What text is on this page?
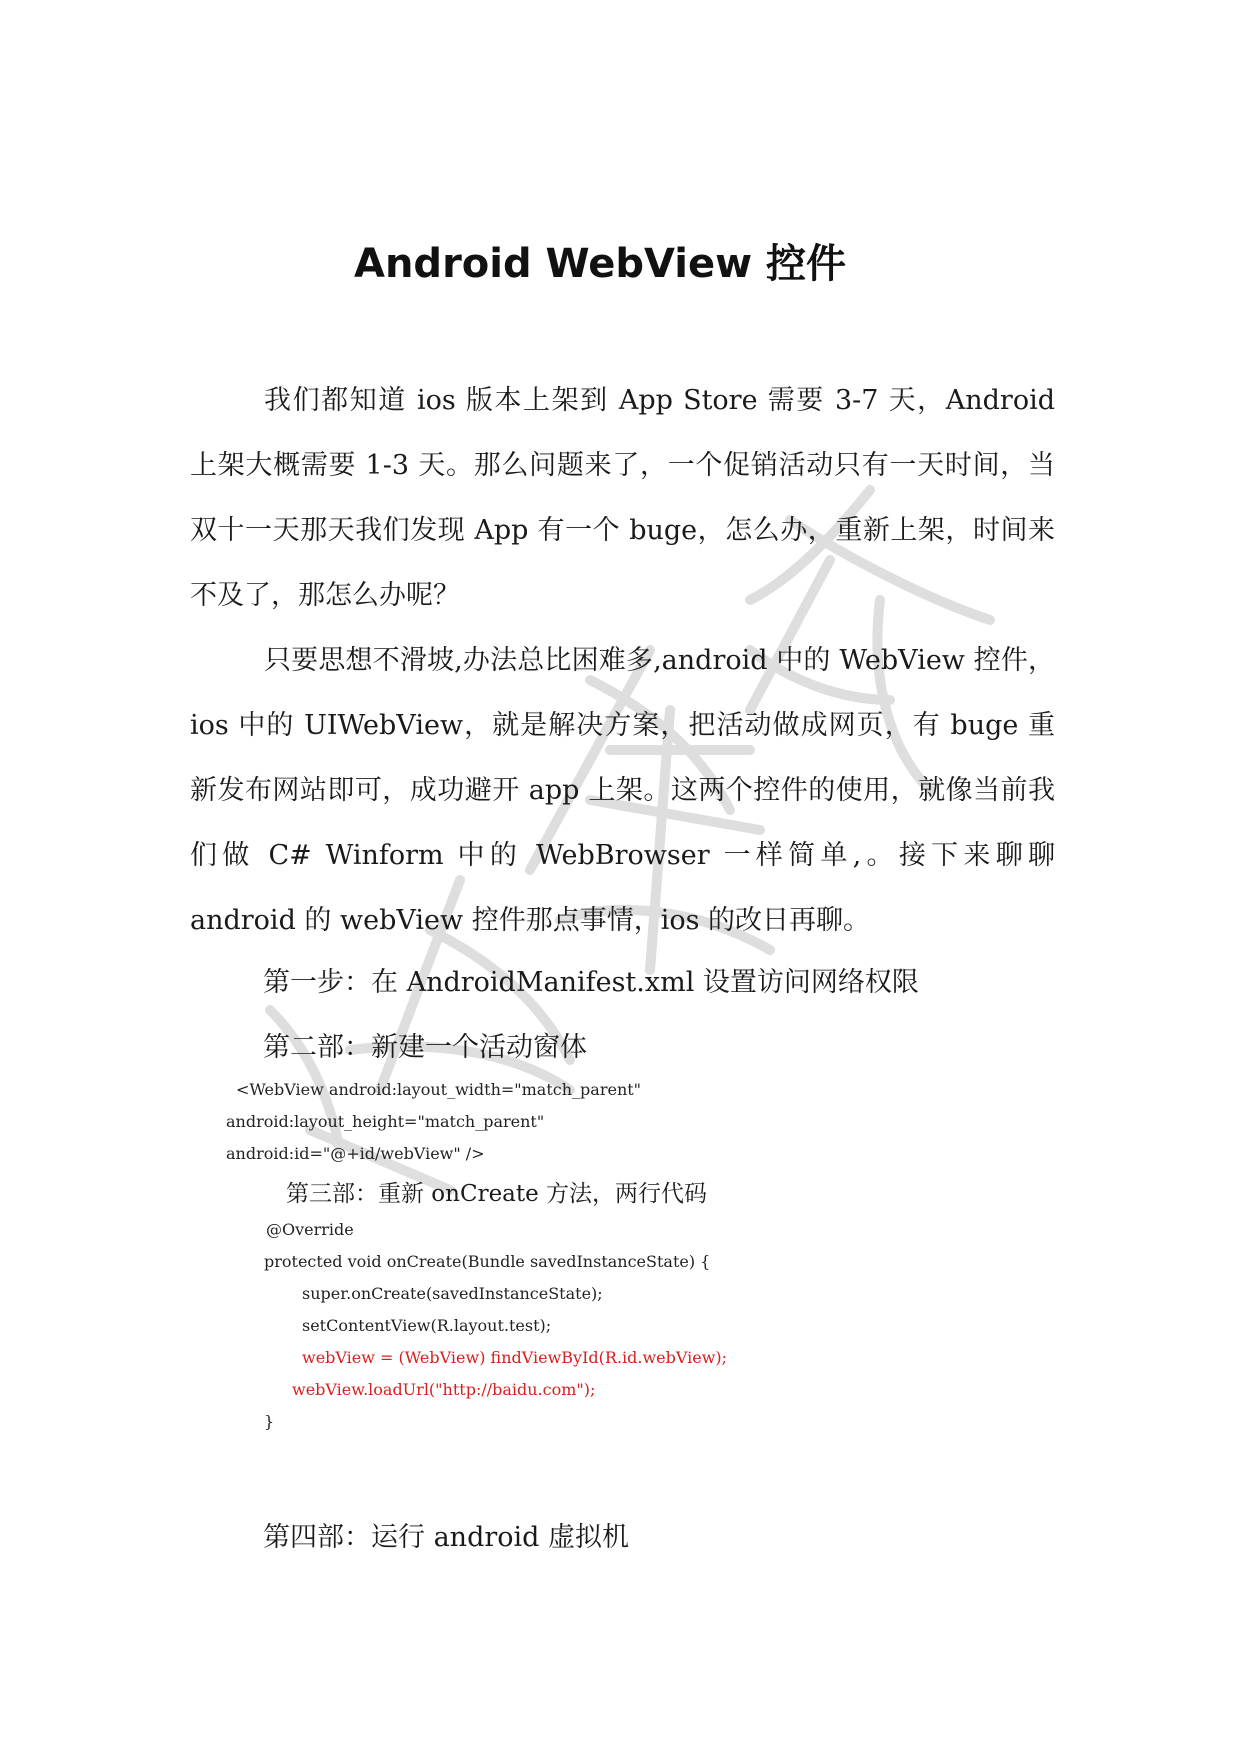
Android WebView 控件

我们都知道 ios 版本上架到 App Store 需要 3-7 天，Android 上架大概需要 1-3 天。那么问题来了，一个促销活动只有一天时间，当双十一天那天我们发现 App 有一个 buge，怎么办，重新上架，时间来不及了，那怎么办呢？

只要思想不滑坡,办法总比困难多,android 中的 WebView 控件，ios 中的 UIWebView，就是解决方案，把活动做成网页，有 buge 重新发布网站即可，成功避开 app 上架。这两个控件的使用，就像当前我们做 C# Winform 中的 WebBrowser 一样简单,。接下来聊聊 android 的 webView 控件那点事情，ios 的改日再聊。

第一步：在 AndroidManifest.xml 设置访问网络权限

第二部：新建一个活动窗体

<WebView android:layout_width="match_parent"

android:layout_height="match_parent"

android:id="@+id/webView" />

第三部：重新 onCreate 方法，两行代码

@Override

protected void onCreate(Bundle savedInstanceState) {

super.onCreate(savedInstanceState);

setContentView(R.layout.test);

webView = (WebView) findViewById(R.id.webView);

webView.loadUrl("http://baidu.com");

}

第四部：运行 android 虚拟机
